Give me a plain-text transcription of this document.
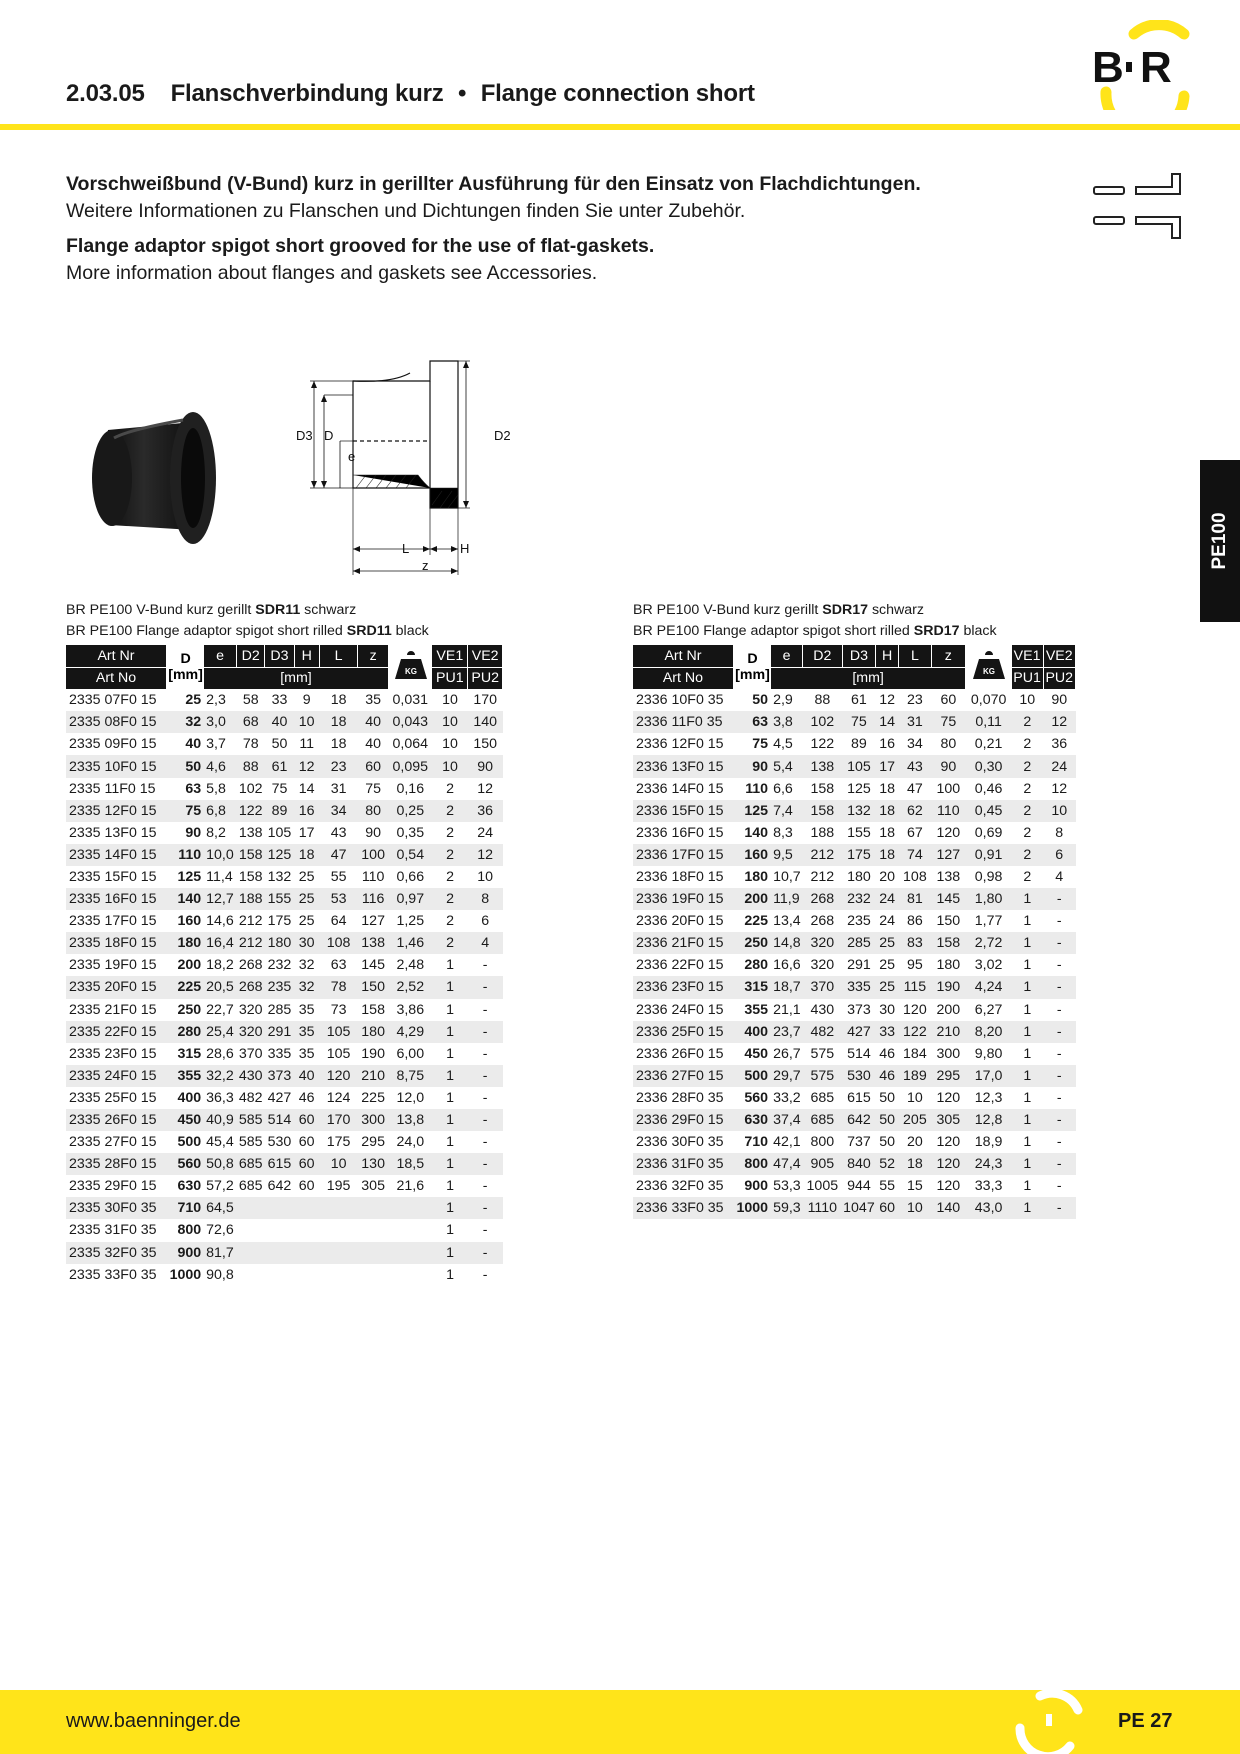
2.03.05 Flanschverbindung kurz • Flange connection short
B R
Vorschweißbund (V-Bund) kurz in gerillter Ausführung für den Einsatz von Flachdichtungen.
Weitere Informationen zu Flanschen und Dichtungen finden Sie unter Zubehör.
Flange adaptor spigot short grooved for the use of flat-gaskets.
More information about flanges and gaskets see Accessories.
PE100
D3 D
e
D2
L	H
z
BR PE100 V-Bund kurz gerillt SDR11 schwarz
BR PE100 Flange adaptor spigot short rilled SRD11 black
BR PE100 V-Bund kurz gerillt SDR17 schwarz
BR PE100 Flange adaptor spigot short rilled SRD17 black
Art Nr	D
[mm]	e	D2	D3	H	L	z	KG	VE1	VE2
Art No		[mm]							PU1	PU2
2335 07F0 15	25	2,3	58	33	9	18	35	0,031	10	170
2335 08F0 15	32	3,0	68	40	10	18	40	0,043	10	140
2335 09F0 15	40	3,7	78	50	11	18	40	0,064	10	150
2335 10F0 15	50	4,6	88	61	12	23	60	0,095	10	90
2335 11F0 15	63	5,8	102	75	14	31	75	0,16	2	12
2335 12F0 15	75	6,8	122	89	16	34	80	0,25	2	36
2335 13F0 15	90	8,2	138	105	17	43	90	0,35	2	24
2335 14F0 15	110	10,0	158	125	18	47	100	0,54	2	12
2335 15F0 15	125	11,4	158	132	25	55	110	0,66	2	10
2335 16F0 15	140	12,7	188	155	25	53	116	0,97	2	8
2335 17F0 15	160	14,6	212	175	25	64	127	1,25	2	6
2335 18F0 15	180	16,4	212	180	30	108	138	1,46	2	4
2335 19F0 15	200	18,2	268	232	32	63	145	2,48	1	-
2335 20F0 15	225	20,5	268	235	32	78	150	2,52	1	-
2335 21F0 15	250	22,7	320	285	35	73	158	3,86	1	-
2335 22F0 15	280	25,4	320	291	35	105	180	4,29	1	-
2335 23F0 15	315	28,6	370	335	35	105	190	6,00	1	-
2335 24F0 15	355	32,2	430	373	40	120	210	8,75	1	-
2335 25F0 15	400	36,3	482	427	46	124	225	12,0	1	-
2335 26F0 15	450	40,9	585	514	60	170	300	13,8	1	-
2335 27F0 15	500	45,4	585	530	60	175	295	24,0	1	-
2335 28F0 15	560	50,8	685	615	60	10	130	18,5	1	-
2335 29F0 15	630	57,2	685	642	60	195	305	21,6	1	-
2335 30F0 35	710	64,5							1	-
2335 31F0 35	800	72,6							1	-
2335 32F0 35	900	81,7							1	-
2335 33F0 35	1000	90,8							1	-
Art Nr	D
[mm]	e	D2	D3	H	L	z	KG	VE1	VE2
Art No		[mm]							PU1	PU2
2336 10F0 35	50	2,9	88	61	12	23	60	0,070	10	90
2336 11F0 35	63	3,8	102	75	14	31	75	0,11	2	12
2336 12F0 15	75	4,5	122	89	16	34	80	0,21	2	36
2336 13F0 15	90	5,4	138	105	17	43	90	0,30	2	24
2336 14F0 15	110	6,6	158	125	18	47	100	0,46	2	12
2336 15F0 15	125	7,4	158	132	18	62	110	0,45	2	10
2336 16F0 15	140	8,3	188	155	18	67	120	0,69	2	8
2336 17F0 15	160	9,5	212	175	18	74	127	0,91	2	6
2336 18F0 15	180	10,7	212	180	20	108	138	0,98	2	4
2336 19F0 15	200	11,9	268	232	24	81	145	1,80	1	-
2336 20F0 15	225	13,4	268	235	24	86	150	1,77	1	-
2336 21F0 15	250	14,8	320	285	25	83	158	2,72	1	-
2336 22F0 15	280	16,6	320	291	25	95	180	3,02	1	-
2336 23F0 15	315	18,7	370	335	25	115	190	4,24	1	-
2336 24F0 15	355	21,1	430	373	30	120	200	6,27	1	-
2336 25F0 15	400	23,7	482	427	33	122	210	8,20	1	-
2336 26F0 15	450	26,7	575	514	46	184	300	9,80	1	-
2336 27F0 15	500	29,7	575	530	46	189	295	17,0	1	-
2336 28F0 35	560	33,2	685	615	50	10	120	12,3	1	-
2336 29F0 15	630	37,4	685	642	50	205	305	12,8	1	-
2336 30F0 35	710	42,1	800	737	50	20	120	18,9	1	-
2336 31F0 35	800	47,4	905	840	52	18	120	24,3	1	-
2336 32F0 35	900	53,3	1005	944	55	15	120	33,3	1	-
2336 33F0 35	1000	59,3	1110	1047	60	10	140	43,0	1	-
www.baenninger.de	PE 27
